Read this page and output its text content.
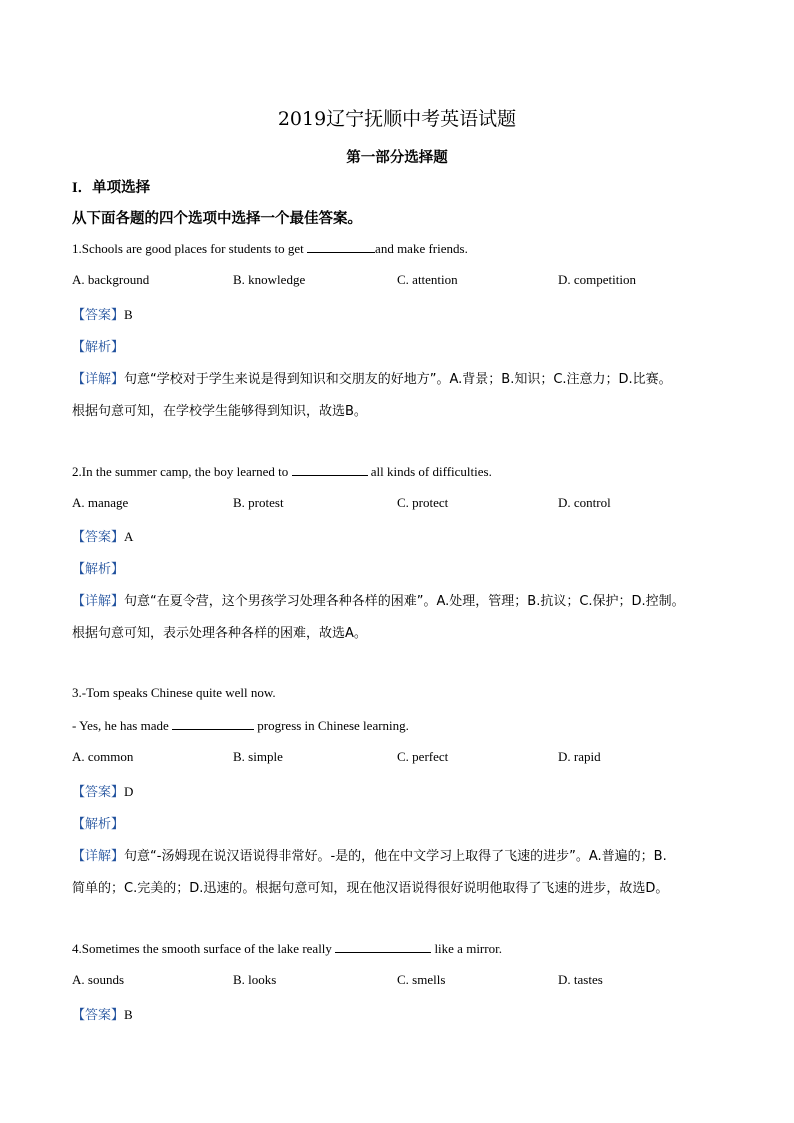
2019辽宁抚顺中考英语试题
第一部分选择题
I．单项选择
从下面各题的四个选项中选择一个最佳答案。
1.Schools are good places for students to get	and make friends.
A. background	B. knowledge	C. attention	D. competition
【答案】B
【解析】
【详解】句意“学校对于学生来说是得到知识和交朋友的好地方”。A.背景；B.知识；C.注意力；D.比赛。
根据句意可知，在学校学生能够得到知识，故选B。
2.In the summer camp, the boy learned to	all kinds of difficulties.
A. manage	B. protest	C. protect	D. control
【答案】A
【解析】
【详解】句意“在夏令营，这个男孩学习处理各种各样的困难”。A.处理，管理；B.抗议；C.保护；D.控制。
根据句意可知，表示处理各种各样的困难，故选A。
3.-Tom speaks Chinese quite well now.
- Yes, he has made	progress in Chinese learning.
A. common	B. simple	C. perfect	D. rapid
【答案】D
【解析】
【详解】句意“-汤姆现在说汉语说得非常好。-是的，他在中文学习上取得了飞速的进步”。A.普遍的；B.
简单的；C.完美的；D.迅速的。根据句意可知，现在他汉语说得很好说明他取得了飞速的进步，故选D。
4.Sometimes the smooth surface of the lake really	like a mirror.
A. sounds	B. looks	C. smells	D. tastes
【答案】B
